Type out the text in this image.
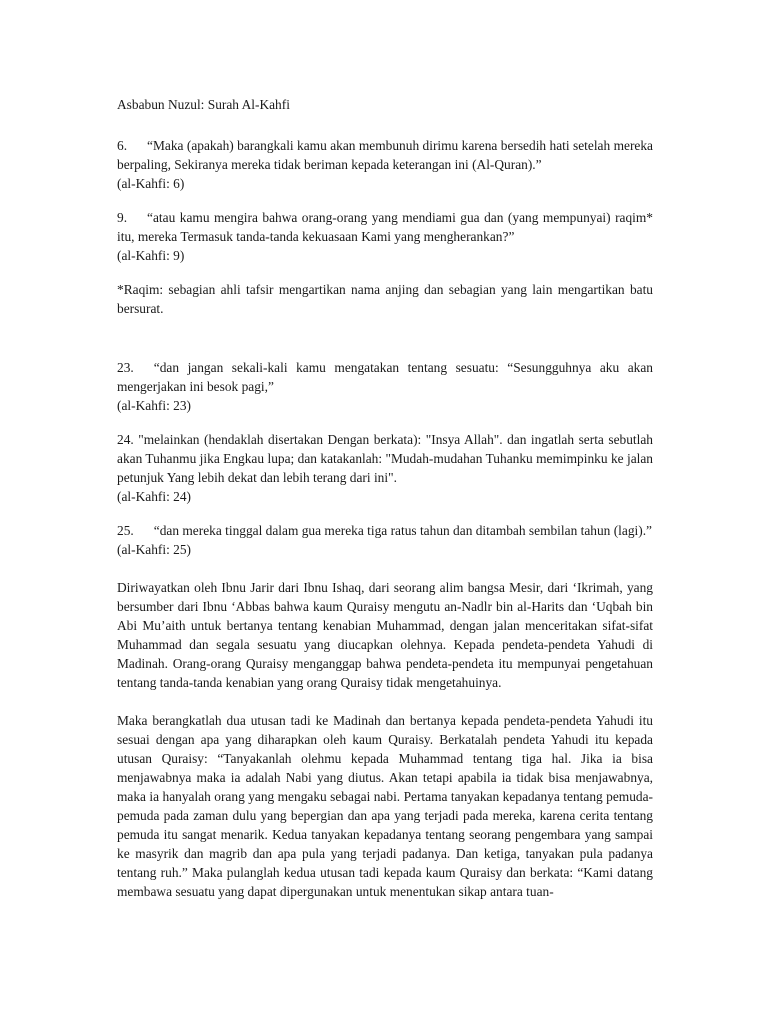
Asbabun Nuzul: Surah Al-Kahfi

6. “Maka (apakah) barangkali kamu akan membunuh dirimu karena bersedih hati setelah mereka berpaling, Sekiranya mereka tidak beriman kepada keterangan ini (Al-Quran).”

(al-Kahfi: 6)

9. “atau kamu mengira bahwa orang-orang yang mendiami gua dan (yang mempunyai) raqim* itu, mereka Termasuk tanda-tanda kekuasaan Kami yang mengherankan?”

(al-Kahfi: 9)

*Raqim: sebagian ahli tafsir mengartikan nama anjing dan sebagian yang lain mengartikan batu bersurat.

23. “dan jangan sekali-kali kamu mengatakan tentang sesuatu: “Sesungguhnya aku akan mengerjakan ini besok pagi,”

(al-Kahfi: 23)

24. "melainkan (hendaklah disertakan Dengan berkata): "Insya Allah". dan ingatlah serta sebutlah akan Tuhanmu jika Engkau lupa; dan katakanlah: "Mudah-mudahan Tuhanku memimpinku ke jalan petunjuk Yang lebih dekat dan lebih terang dari ini".

(al-Kahfi: 24)

25. “dan mereka tinggal dalam gua mereka tiga ratus tahun dan ditambah sembilan tahun (lagi).”

(al-Kahfi: 25)

Diriwayatkan oleh Ibnu Jarir dari Ibnu Ishaq, dari seorang alim bangsa Mesir, dari ‘Ikrimah, yang bersumber dari Ibnu ‘Abbas bahwa kaum Quraisy mengutu an-Nadlr bin al-Harits dan ‘Uqbah bin Abi Mu’aith untuk bertanya tentang kenabian Muhammad, dengan jalan menceritakan sifat-sifat Muhammad dan segala sesuatu yang diucapkan olehnya. Kepada pendeta-pendeta Yahudi di Madinah. Orang-orang Quraisy menganggap bahwa pendeta-pendeta itu mempunyai pengetahuan tentang tanda-tanda kenabian yang orang Quraisy tidak mengetahuinya.

Maka berangkatlah dua utusan tadi ke Madinah dan bertanya kepada pendeta-pendeta Yahudi itu sesuai dengan apa yang diharapkan oleh kaum Quraisy. Berkatalah pendeta Yahudi itu kepada utusan Quraisy: “Tanyakanlah olehmu kepada Muhammad tentang tiga hal. Jika ia bisa menjawabnya maka ia adalah Nabi yang diutus. Akan tetapi apabila ia tidak bisa menjawabnya, maka ia hanyalah orang yang mengaku sebagai nabi. Pertama tanyakan kepadanya tentang pemuda-pemuda pada zaman dulu yang bepergian dan apa yang terjadi pada mereka, karena cerita tentang pemuda itu sangat menarik. Kedua tanyakan kepadanya tentang seorang pengembara yang sampai ke masyrik dan magrib dan apa pula yang terjadi padanya. Dan ketiga, tanyakan pula padanya tentang ruh.” Maka pulanglah kedua utusan tadi kepada kaum Quraisy dan berkata: “Kami datang membawa sesuatu yang dapat dipergunakan untuk menentukan sikap antara tuan-
